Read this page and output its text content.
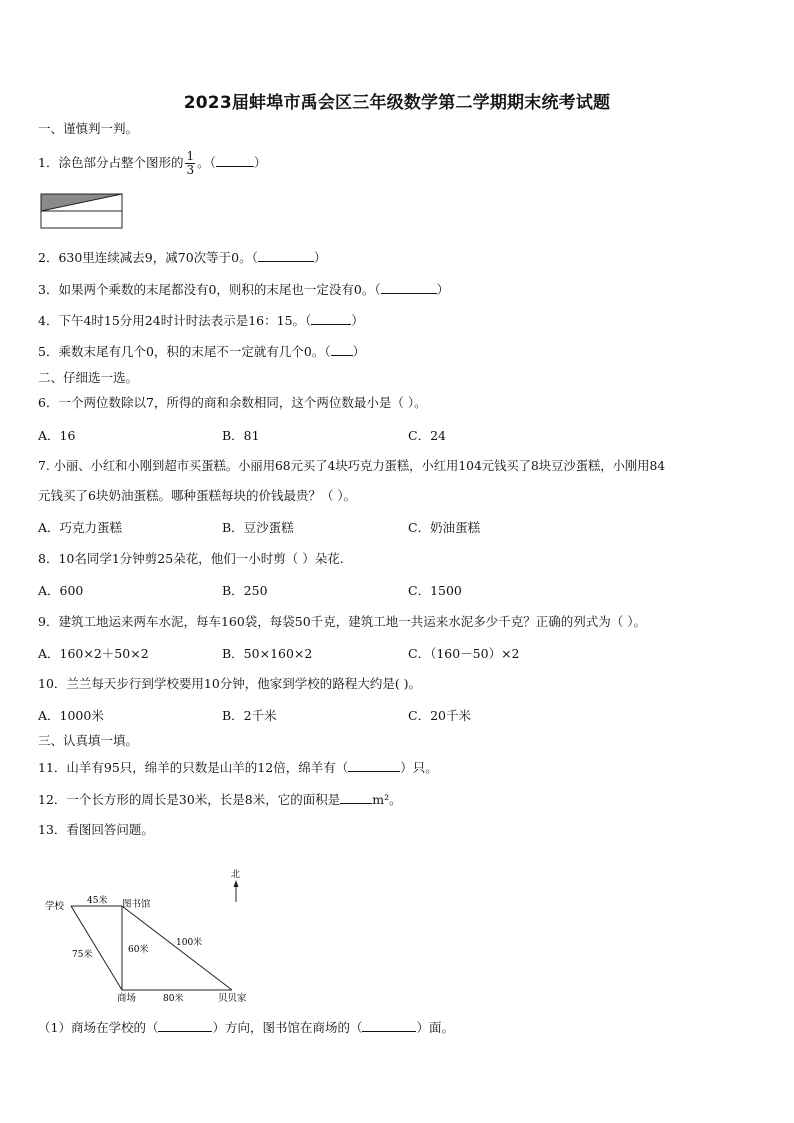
2023届蚌埠市禹会区三年级数学第二学期期末统考试题
一、谨慎判一判。
1．涂色部分占整个图形的 $\frac{1}{3}$ 。（	）
2．630里连续减去9，减70次等于0。（	）
3．如果两个乘数的末尾都没有0，则积的末尾也一定没有0。（	）
4．下午4时15分用24时计时法表示是16：15。（	）
5．乘数末尾有几个0，积的末尾不一定就有几个0。（ ）
二、仔细选一选。
6．一个两位数除以7，所得的商和余数相同，这个两位数最小是（ ）。
A．16	B．81	C．24
7. 小丽、小红和小刚到超市买蛋糕。小丽用68元买了4块巧克力蛋糕，小红用104元钱买了8块豆沙蛋糕，小刚用84
元钱买了6块奶油蛋糕。哪种蛋糕每块的价钱最贵？（ ）。
A．巧克力蛋糕	B．豆沙蛋糕	C．奶油蛋糕
8．10名同学1分钟剪25朵花，他们一小时剪（ ）朵花.
A．600	B．250	C．1500
9．建筑工地运来两车水泥，每车160袋，每袋50千克，建筑工地一共运来水泥多少千克？正确的列式为（ ）。
A．160×2＋50×2	B．50×160×2	C．（160－50）×2
10．兰兰每天步行到学校要用10分钟，他家到学校的路程大约是( )。
A．1000米	B．2千米	C．20千米
三、认真填一填。
11．山羊有95只，绵羊的只数是山羊的12倍，绵羊有（	）只。
12．一个长方形的周长是30米，长是8米，它的面积是	m²。
13．看图回答问题。
北
学校	图书馆
商场	贝贝家
45米
75米	60米
100米
80米
（1）商场在学校的（	）方向，图书馆在商场的（	）面。
